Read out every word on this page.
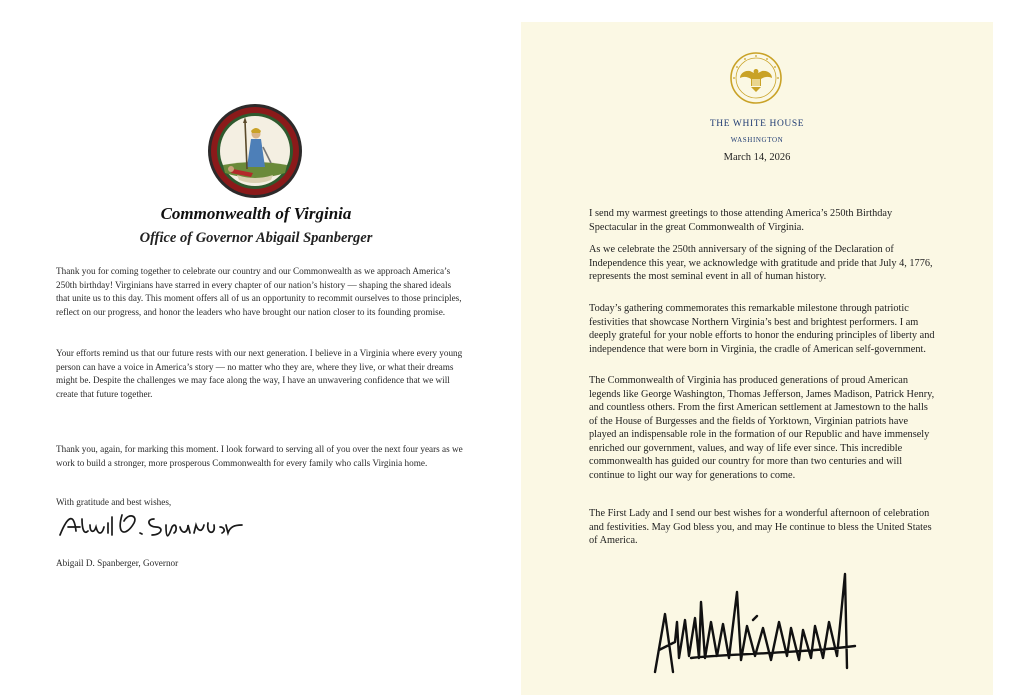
Commonwealth of Virginia
Office of Governor Abigail Spanberger

Thank you for coming together to celebrate our country and our Commonwealth as we approach America’s 250th birthday! Virginians have starred in every chapter of our nation’s history — shaping the shared ideals that unite us to this day. This moment offers all of us an opportunity to recommit ourselves to those principles, reflect on our progress, and honor the leaders who have brought our nation closer to its founding promise.

Your efforts remind us that our future rests with our next generation. I believe in a Virginia where every young person can have a voice in America’s story — no matter who they are, where they live, or what their dreams might be. Despite the challenges we may face along the way, I have an unwavering confidence that we will create that future together.

Thank you, again, for marking this moment. I look forward to serving all of you over the next four years as we work to build a stronger, more prosperous Commonwealth for every family who calls Virginia home.

With gratitude and best wishes,

Abigail D. Spanberger, Governor

THE WHITE HOUSE

WASHINGTON

March 14, 2026

I send my warmest greetings to those attending America’s 250th Birthday Spectacular in the great Commonwealth of Virginia.

As we celebrate the 250th anniversary of the signing of the Declaration of Independence this year, we acknowledge with gratitude and pride that July 4, 1776, represents the most seminal event in all of human history.

Today’s gathering commemorates this remarkable milestone through patriotic festivities that showcase Northern Virginia’s best and brightest performers. I am deeply grateful for your noble efforts to honor the enduring principles of liberty and independence that were born in Virginia, the cradle of American self-government.

The Commonwealth of Virginia has produced generations of proud American legends like George Washington, Thomas Jefferson, James Madison, Patrick Henry, and countless others. From the first American settlement at Jamestown to the halls of the House of Burgesses and the fields of Yorktown, Virginian patriots have played an indispensable role in the formation of our Republic and have immensely enriched our government, values, and way of life ever since. This incredible commonwealth has guided our country for more than two centuries and will continue to light our way for generations to come.

The First Lady and I send our best wishes for a wonderful afternoon of celebration and festivities. May God bless you, and may He continue to bless the United States of America.
